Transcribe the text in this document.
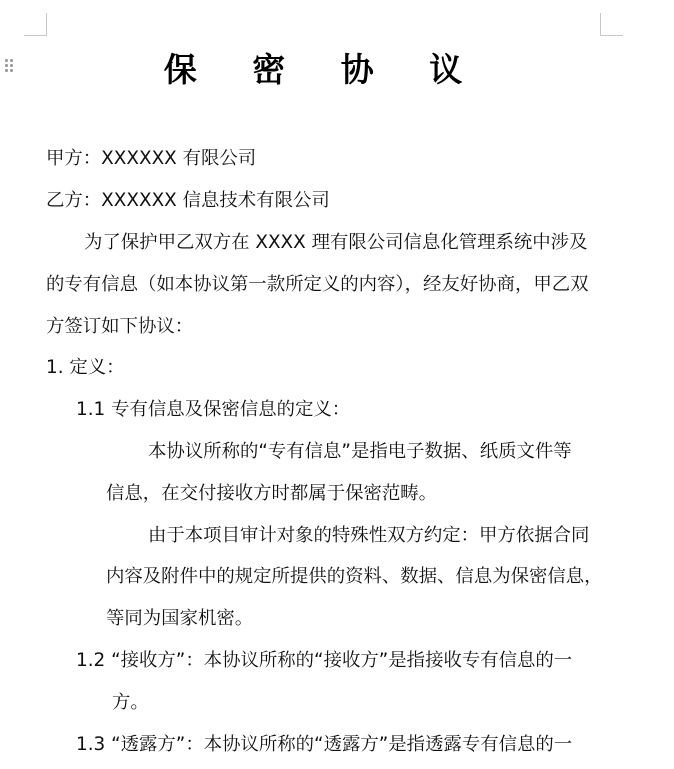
保 密 协 议
甲方：XXXXXX 有限公司
乙方：XXXXXX 信息技术有限公司
为了保护甲乙双方在 XXXX 理有限公司信息化管理系统中涉及
的专有信息（如本协议第一款所定义的内容），经友好协商，甲乙双
方签订如下协议：
1. 定义：
1.1 专有信息及保密信息的定义：
本协议所称的“专有信息”是指电子数据、纸质文件等
信息，在交付接收方时都属于保密范畴。
由于本项目审计对象的特殊性双方约定：甲方依据合同
内容及附件中的规定所提供的资料、数据、信息为保密信息，
等同为国家机密。
1.2 “接收方”：本协议所称的“接收方”是指接收专有信息的一
方。
1.3 “透露方”：本协议所称的“透露方”是指透露专有信息的一
